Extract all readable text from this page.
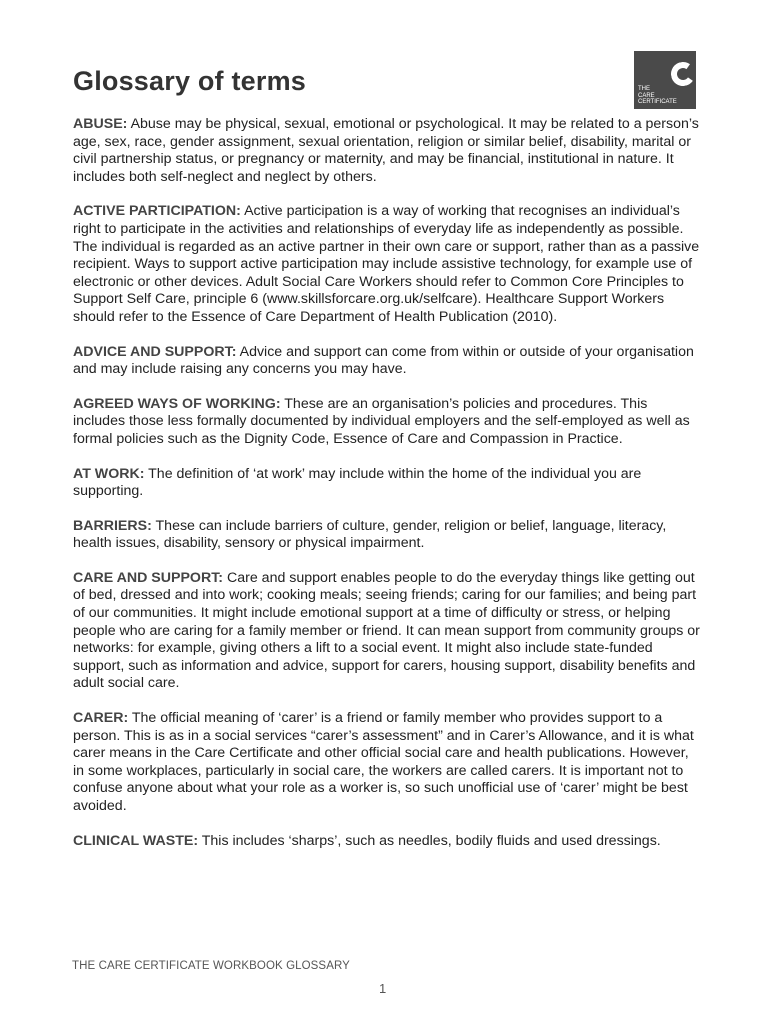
Glossary of terms	THE
CARE
CERTIFICATE

ABUSE: Abuse may be physical, sexual, emotional or psychological. It may be related to a person’s age, sex, race, gender assignment, sexual orientation, religion or similar belief, disability, marital or civil partnership status, or pregnancy or maternity, and may be financial, institutional in nature. It includes both self-neglect and neglect by others.

ACTIVE PARTICIPATION: Active participation is a way of working that recognises an individual’s right to participate in the activities and relationships of everyday life as independently as possible. The individual is regarded as an active partner in their own care or support, rather than as a passive recipient. Ways to support active participation may include assistive technology, for example use of electronic or other devices. Adult Social Care Workers should refer to Common Core Principles to Support Self Care, principle 6 (www.skillsforcare.org.uk/selfcare). Healthcare Support Workers should refer to the Essence of Care Department of Health Publication (2010).

ADVICE AND SUPPORT: Advice and support can come from within or outside of your organisation and may include raising any concerns you may have.

AGREED WAYS OF WORKING: These are an organisation’s policies and procedures. This includes those less formally documented by individual employers and the self-employed as well as formal policies such as the Dignity Code, Essence of Care and Compassion in Practice.

AT WORK: The definition of ‘at work’ may include within the home of the individual you are supporting.

BARRIERS: These can include barriers of culture, gender, religion or belief, language, literacy, health issues, disability, sensory or physical impairment.

CARE AND SUPPORT: Care and support enables people to do the everyday things like getting out of bed, dressed and into work; cooking meals; seeing friends; caring for our families; and being part of our communities. It might include emotional support at a time of difficulty or stress, or helping people who are caring for a family member or friend. It can mean support from community groups or networks: for example, giving others a lift to a social event. It might also include state-funded support, such as information and advice, support for carers, housing support, disability benefits and adult social care.

CARER: The official meaning of ‘carer’ is a friend or family member who provides support to a person. This is as in a social services “carer’s assessment” and in Carer’s Allowance, and it is what carer means in the Care Certificate and other official social care and health publications. However, in some workplaces, particularly in social care, the workers are called carers. It is important not to confuse anyone about what your role as a worker is, so such unofficial use of ‘carer’ might be best avoided.

CLINICAL WASTE: This includes ‘sharps’, such as needles, bodily fluids and used dressings.

THE CARE CERTIFICATE WORKBOOK GLOSSARY
1
